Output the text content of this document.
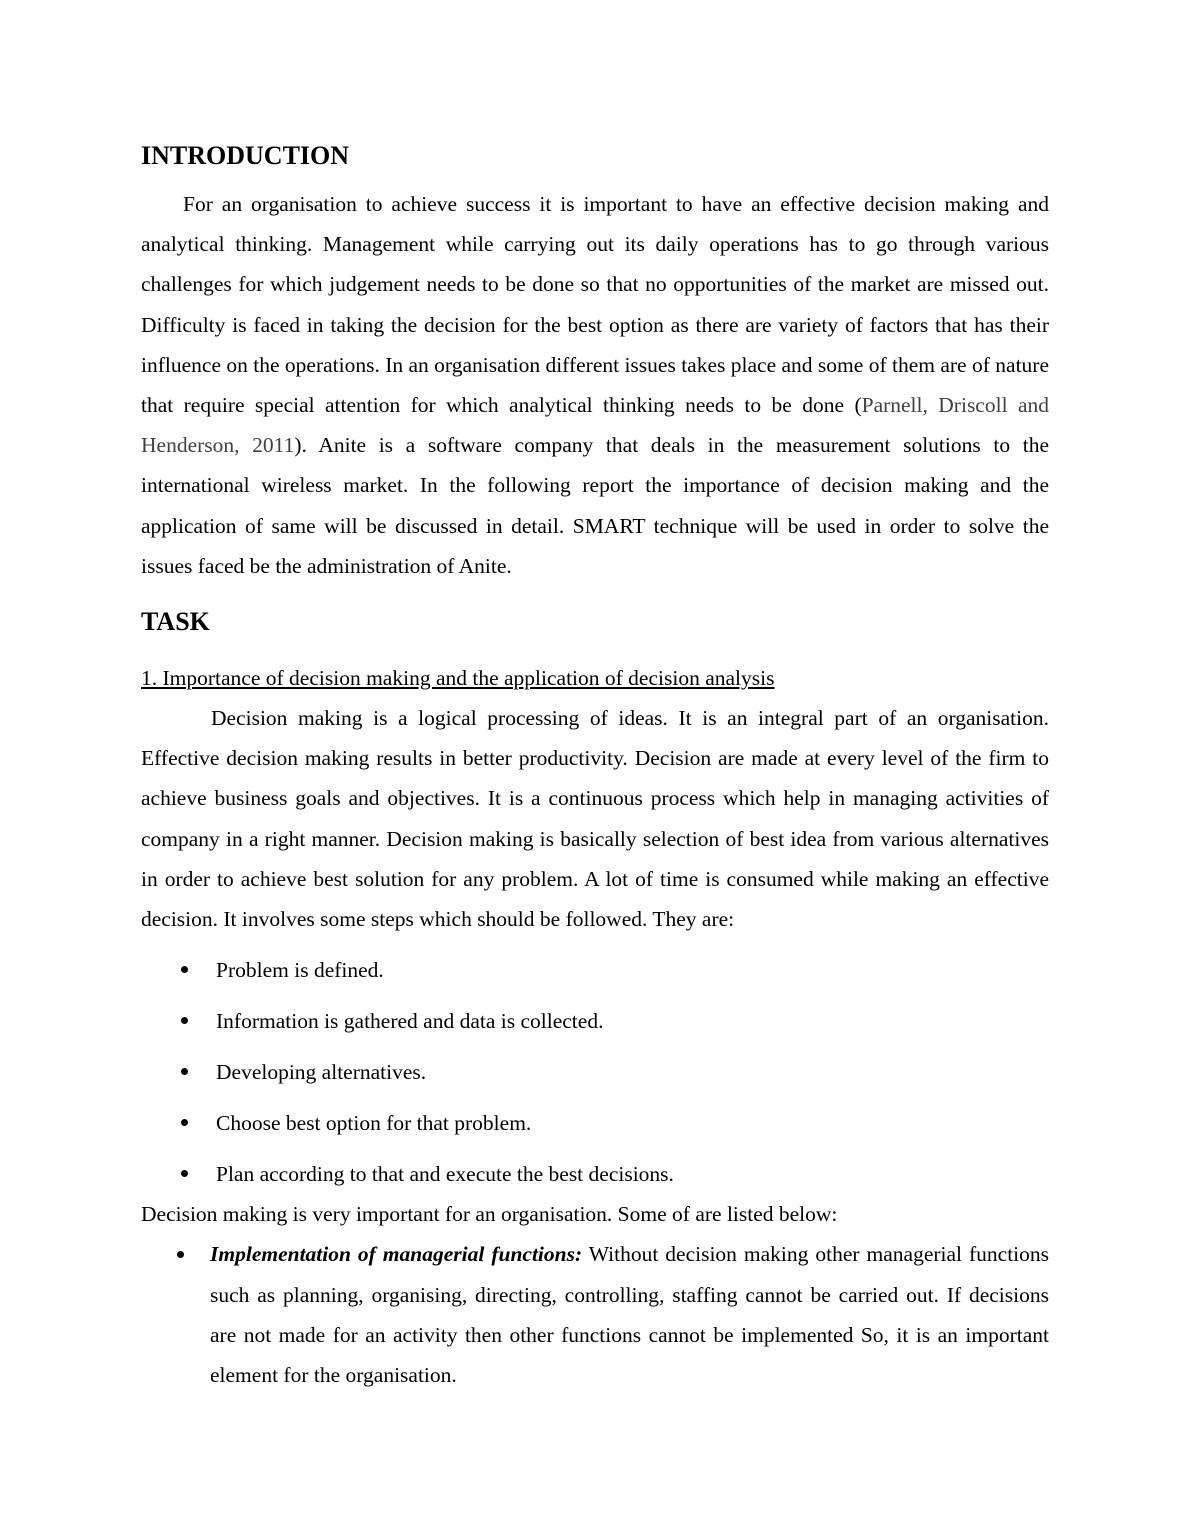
INTRODUCTION

For an organisation to achieve success it is important to have an effective decision making and analytical thinking. Management while carrying out its daily operations has to go through various challenges for which judgement needs to be done so that no opportunities of the market are missed out. Difficulty is faced in taking the decision for the best option as there are variety of factors that has their influence on the operations. In an organisation different issues takes place and some of them are of nature that require special attention for which analytical thinking needs to be done (Parnell, Driscoll and Henderson, 2011). Anite is a software company that deals in the measurement solutions to the international wireless market. In the following report the importance of decision making and the application of same will be discussed in detail. SMART technique will be used in order to solve the issues faced be the administration of Anite.

TASK

1. Importance of decision making and the application of decision analysis

Decision making is a logical processing of ideas. It is an integral part of an organisation. Effective decision making results in better productivity. Decision are made at every level of the firm to achieve business goals and objectives. It is a continuous process which help in managing activities of company in a right manner. Decision making is basically selection of best idea from various alternatives in order to achieve best solution for any problem. A lot of time is consumed while making an effective decision. It involves some steps which should be followed. They are:

Problem is defined.
Information is gathered and data is collected.
Developing alternatives.
Choose best option for that problem.
Plan according to that and execute the best decisions.

Decision making is very important for an organisation. Some of are listed below:

Implementation of managerial functions: Without decision making other managerial functions such as planning, organising, directing, controlling, staffing cannot be carried out. If decisions are not made for an activity then other functions cannot be implemented So, it is an important element for the organisation.
